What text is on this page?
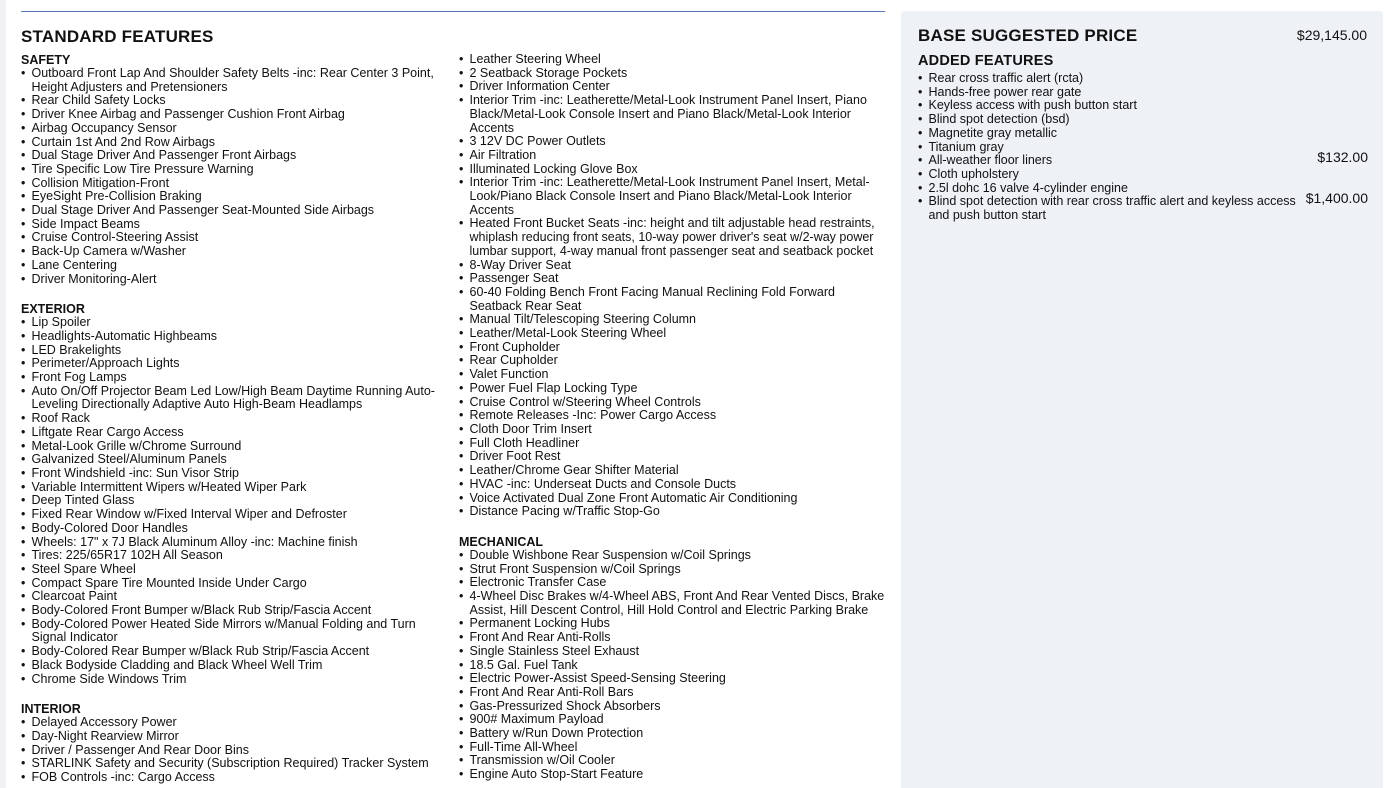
STANDARD FEATURES
SAFETY
• Outboard Front Lap And Shoulder Safety Belts -inc: Rear Center 3 Point, Height Adjusters and Pretensioners
• Rear Child Safety Locks
• Driver Knee Airbag and Passenger Cushion Front Airbag
• Airbag Occupancy Sensor
• Curtain 1st And 2nd Row Airbags
• Dual Stage Driver And Passenger Front Airbags
• Tire Specific Low Tire Pressure Warning
• Collision Mitigation-Front
• EyeSight Pre-Collision Braking
• Dual Stage Driver And Passenger Seat-Mounted Side Airbags
• Side Impact Beams
• Cruise Control-Steering Assist
• Back-Up Camera w/Washer
• Lane Centering
• Driver Monitoring-Alert
EXTERIOR
• Lip Spoiler
• Headlights-Automatic Highbeams
• LED Brakelights
• Perimeter/Approach Lights
• Front Fog Lamps
• Auto On/Off Projector Beam Led Low/High Beam Daytime Running Auto-Leveling Directionally Adaptive Auto High-Beam Headlamps
• Roof Rack
• Liftgate Rear Cargo Access
• Metal-Look Grille w/Chrome Surround
• Galvanized Steel/Aluminum Panels
• Front Windshield -inc: Sun Visor Strip
• Variable Intermittent Wipers w/Heated Wiper Park
• Deep Tinted Glass
• Fixed Rear Window w/Fixed Interval Wiper and Defroster
• Body-Colored Door Handles
• Wheels: 17" x 7J Black Aluminum Alloy -inc: Machine finish
• Tires: 225/65R17 102H All Season
• Steel Spare Wheel
• Compact Spare Tire Mounted Inside Under Cargo
• Clearcoat Paint
• Body-Colored Front Bumper w/Black Rub Strip/Fascia Accent
• Body-Colored Power Heated Side Mirrors w/Manual Folding and Turn Signal Indicator
• Body-Colored Rear Bumper w/Black Rub Strip/Fascia Accent
• Black Bodyside Cladding and Black Wheel Well Trim
• Chrome Side Windows Trim
INTERIOR
• Delayed Accessory Power
• Day-Night Rearview Mirror
• Driver / Passenger And Rear Door Bins
• STARLINK Safety and Security (Subscription Required) Tracker System
• FOB Controls -inc: Cargo Access
• Leather Steering Wheel
• 2 Seatback Storage Pockets
• Driver Information Center
• Interior Trim -inc: Leatherette/Metal-Look Instrument Panel Insert, Piano Black/Metal-Look Console Insert and Piano Black/Metal-Look Interior Accents
• 3 12V DC Power Outlets
• Air Filtration
• Illuminated Locking Glove Box
• Interior Trim -inc: Leatherette/Metal-Look Instrument Panel Insert, Metal-Look/Piano Black Console Insert and Piano Black/Metal-Look Interior Accents
• Heated Front Bucket Seats -inc: height and tilt adjustable head restraints, whiplash reducing front seats, 10-way power driver's seat w/2-way power lumbar support, 4-way manual front passenger seat and seatback pocket
• 8-Way Driver Seat
• Passenger Seat
• 60-40 Folding Bench Front Facing Manual Reclining Fold Forward Seatback Rear Seat
• Manual Tilt/Telescoping Steering Column
• Leather/Metal-Look Steering Wheel
• Front Cupholder
• Rear Cupholder
• Valet Function
• Power Fuel Flap Locking Type
• Cruise Control w/Steering Wheel Controls
• Remote Releases -Inc: Power Cargo Access
• Cloth Door Trim Insert
• Full Cloth Headliner
• Driver Foot Rest
• Leather/Chrome Gear Shifter Material
• HVAC -inc: Underseat Ducts and Console Ducts
• Voice Activated Dual Zone Front Automatic Air Conditioning
• Distance Pacing w/Traffic Stop-Go
MECHANICAL
• Double Wishbone Rear Suspension w/Coil Springs
• Strut Front Suspension w/Coil Springs
• Electronic Transfer Case
• 4-Wheel Disc Brakes w/4-Wheel ABS, Front And Rear Vented Discs, Brake Assist, Hill Descent Control, Hill Hold Control and Electric Parking Brake
• Permanent Locking Hubs
• Front And Rear Anti-Rolls
• Single Stainless Steel Exhaust
• 18.5 Gal. Fuel Tank
• Electric Power-Assist Speed-Sensing Steering
• Front And Rear Anti-Roll Bars
• Gas-Pressurized Shock Absorbers
• 900# Maximum Payload
• Battery w/Run Down Protection
• Full-Time All-Wheel
• Transmission w/Oil Cooler
• Engine Auto Stop-Start Feature
BASE SUGGESTED PRICE	$29,145.00
ADDED FEATURES
• Rear cross traffic alert (rcta)
• Hands-free power rear gate
• Keyless access with push button start
• Blind spot detection (bsd)
• Magnetite gray metallic
• Titanium gray
• All-weather floor liners	$132.00
• Cloth upholstery
• 2.5l dohc 16 valve 4-cylinder engine
• Blind spot detection with rear cross traffic alert and keyless access and push button start
$1,400.00
